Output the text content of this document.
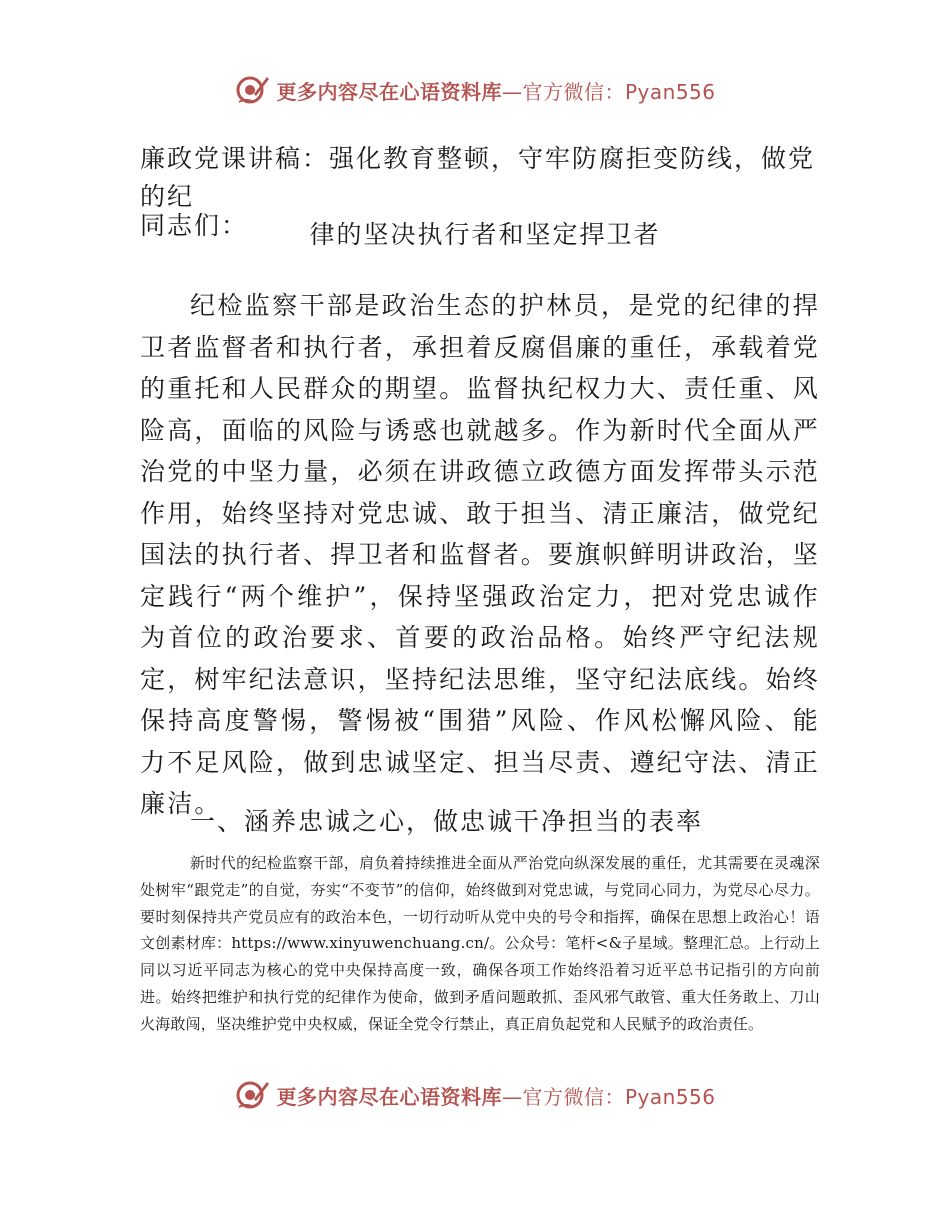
更多内容尽在心语资料库—官方微信：Pyan556
廉政党课讲稿：强化教育整顿，守牢防腐拒变防线，做党的纪
律的坚决执行者和坚定捍卫者
同志们：

纪检监察干部是政治生态的护林员，是党的纪律的捍卫者监督者和执行者，承担着反腐倡廉的重任，承载着党的重托和人民群众的期望。监督执纪权力大、责任重、风险高，面临的风险与诱惑也就越多。作为新时代全面从严治党的中坚力量，必须在讲政德立政德方面发挥带头示范作用，始终坚持对党忠诚、敢于担当、清正廉洁，做党纪国法的执行者、捍卫者和监督者。要旗帜鲜明讲政治，坚定践行“两个维护”，保持坚强政治定力，把对党忠诚作为首位的政治要求、首要的政治品格。始终严守纪法规定，树牢纪法意识，坚持纪法思维，坚守纪法底线。始终保持高度警惕，警惕被“围猎”风险、作风松懈风险、能力不足风险，做到忠诚坚定、担当尽责、遵纪守法、清正廉洁。

一、涵养忠诚之心，做忠诚干净担当的表率

新时代的纪检监察干部，肩负着持续推进全面从严治党向纵深发展的重任，尤其需要在灵魂深处树牢“跟党走”的自觉，夯实“不变节”的信仰，始终做到对党忠诚，与党同心同力，为党尽心尽力。要时刻保持共产党员应有的政治本色，一切行动听从党中央的号令和指挥，确保在思想上政治心！语文创素材库：https://www.xinyuwenchuang.cn/。公众号：笔杆<&子星域。整理汇总。上行动上同以习近平同志为核心的党中央保持高度一致，确保各项工作始终沿着习近平总书记指引的方向前进。始终把维护和执行党的纪律作为使命，做到矛盾问题敢抓、歪风邪气敢管、重大任务敢上、刀山火海敢闯，坚决维护党中央权威，保证全党令行禁止，真正肩负起党和人民赋予的政治责任。

更多内容尽在心语资料库—官方微信：Pyan556
